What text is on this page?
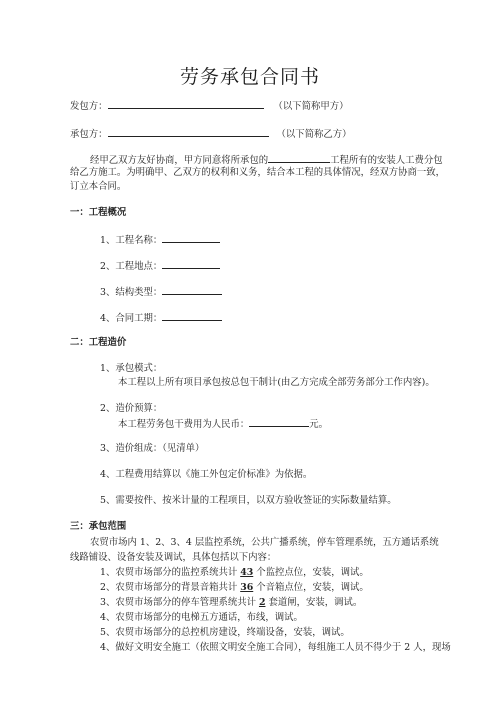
劳务承包合同书
发包方：	（以下简称甲方）
承包方：	（以下简称乙方）
经甲乙双方友好协商，甲方同意将所承包的	工程所有的安装人工费分包
给乙方施工。为明确甲、乙双方的权利和义务，结合本工程的具体情况，经双方协商一致，
订立本合同。
一：工程概况
1、工程名称：
2、工程地点：
3、结构类型：
4、合同工期：
二：工程造价
1、承包模式：
本工程以上所有项目承包按总包干制计(由乙方完成全部劳务部分工作内容)。
2、造价预算：
本工程劳务包干费用为人民币：	元。
3、造价组成：（见清单）
4、工程费用结算以《施工外包定价标准》为依据。
5、需要按件、按米计量的工程项目，以双方验收签证的实际数量结算。
三：承包范围
农贸市场内 1、2、3、4 层监控系统，公共广播系统，停车管理系统，五方通话系统
线路铺设、设备安装及调试，具体包括以下内容：
1、农贸市场部分的监控系统共计 43 个监控点位，安装，调试。
2、农贸市场部分的背景音箱共计 36 个音箱点位，安装，调试。
3、农贸市场部分的停车管理系统共计 2 套道闸，安装，调试。
4、农贸市场部分的电梯五方通话，布线，调试。
5、农贸市场部分的总控机房建设，终端设备，安装，调试。
4、做好文明安全施工（依照文明安全施工合同），每组施工人员不得少于 2 人，现场
